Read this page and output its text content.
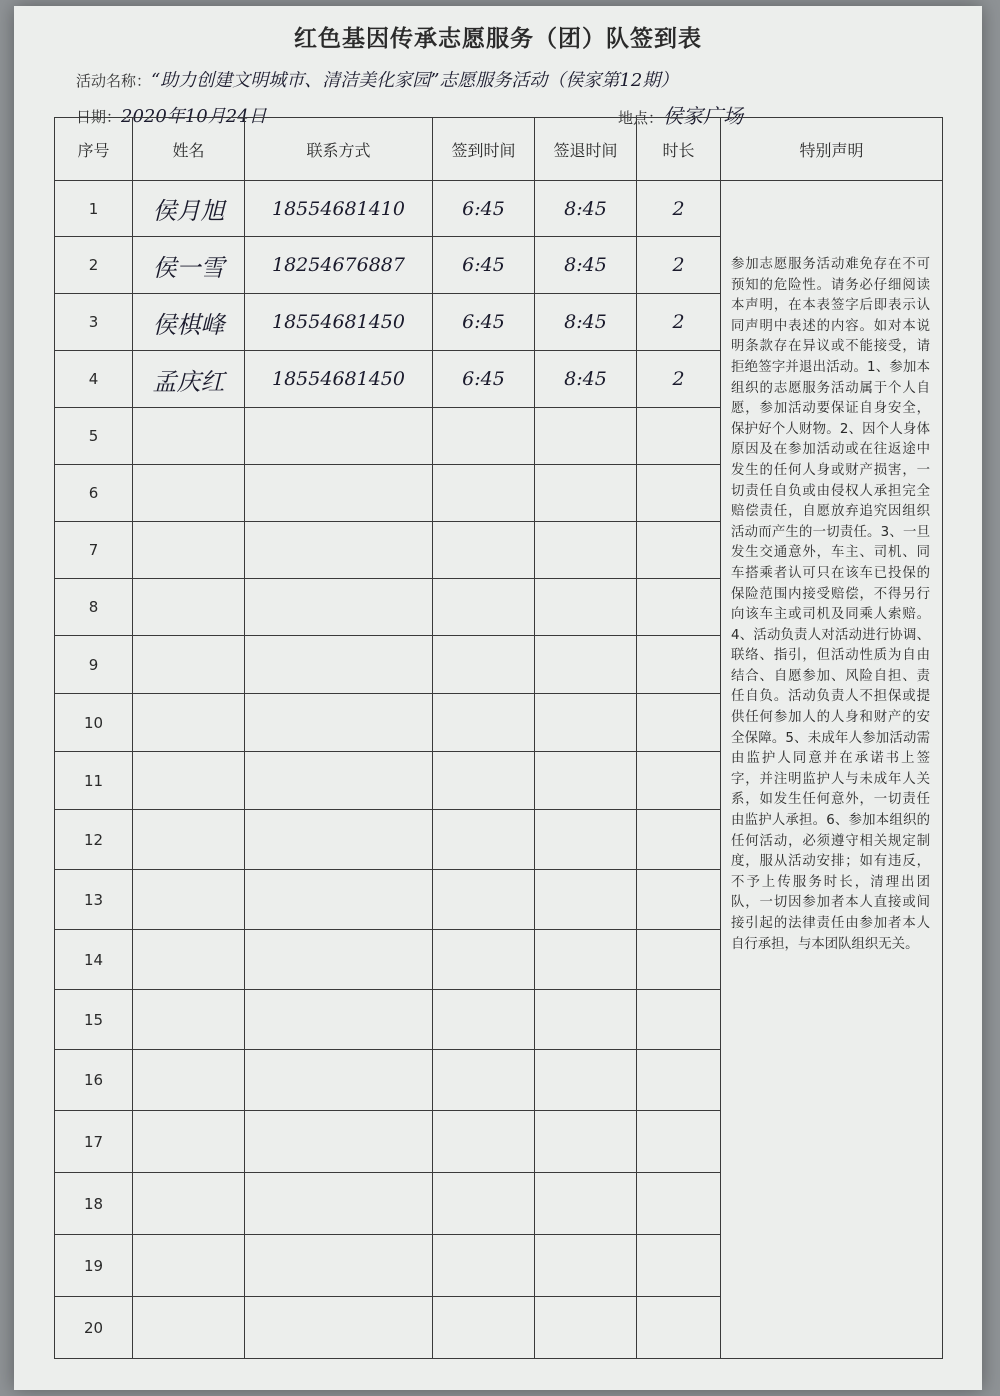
红色基因传承志愿服务（团）队签到表
活动名称：“助力创建文明城市、清洁美化家园”志愿服务活动（侯家第12期）
日期：2020年10月24日	地点：侯家广场
序号	姓名	联系方式	签到时间	签退时间	时长	特别声明
1	侯月旭	18554681410	6:45	8:45	2	参加志愿服务活动难免存在不可预知的危险性。请务必仔细阅读本声明，在本表签字后即表示认同声明中表述的内容。如对本说明条款存在异议或不能接受，请拒绝签字并退出活动。1、参加本组织的志愿服务活动属于个人自愿，参加活动要保证自身安全，保护好个人财物。2、因个人身体原因及在参加活动或在往返途中发生的任何人身或财产损害，一切责任自负或由侵权人承担完全赔偿责任，自愿放弃追究因组织活动而产生的一切责任。3、一旦发生交通意外，车主、司机、同车搭乘者认可只在该车已投保的保险范围内接受赔偿，不得另行向该车主或司机及同乘人索赔。4、活动负责人对活动进行协调、联络、指引，但活动性质为自由结合、自愿参加、风险自担、责任自负。活动负责人不担保或提供任何参加人的人身和财产的安全保障。5、未成年人参加活动需由监护人同意并在承诺书上签字，并注明监护人与未成年人关系，如发生任何意外，一切责任由监护人承担。6、参加本组织的任何活动，必须遵守相关规定制度，服从活动安排；如有违反，不予上传服务时长，清理出团队，一切因参加者本人直接或间接引起的法律责任由参加者本人自行承担，与本团队组织无关。
2	侯一雪	18254676887	6:45	8:45	2	
3	侯棋峰	18554681450	6:45	8:45	2	
4	孟庆红	18554681450	6:45	8:45	2	
5						
6						
7						
8						
9						
10						
11						
12						
13						
14						
15						
16						
17						
18						
19						
20						
